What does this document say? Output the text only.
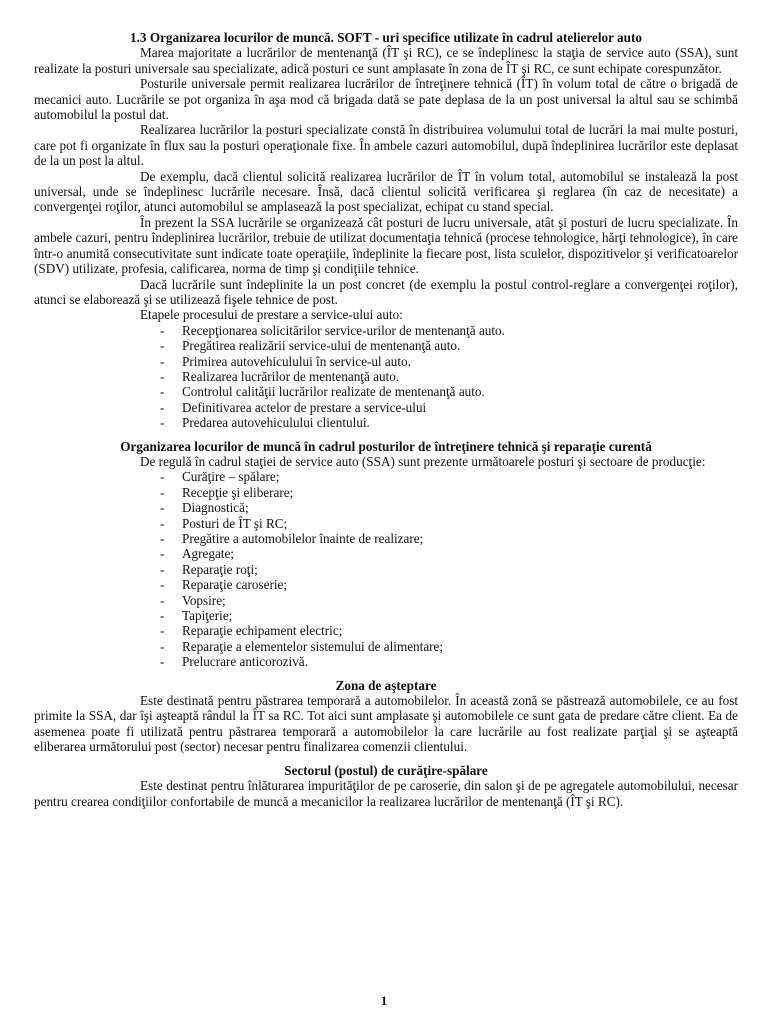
1.3 Organizarea locurilor de muncă. SOFT - uri specifice utilizate în cadrul atelierelor auto

Marea majoritate a lucrărilor de mentenanţă (ÎT şi RC), ce se îndeplinesc la staţia de service auto (SSA), sunt realizate la posturi universale sau specializate, adică posturi ce sunt amplasate în zona de ÎT şi RC, ce sunt echipate corespunzător.

Posturile universale permit realizarea lucrărilor de întreţinere tehnică (ÎT) în volum total de către o brigadă de mecanici auto. Lucrările se pot organiza în aşa mod că brigada dată se pate deplasa de la un post universal la altul sau se schimbă automobilul la postul dat.

Realizarea lucrărilor la posturi specializate constă în distribuirea volumului total de lucrări la mai multe posturi, care pot fi organizate în flux sau la posturi operaţionale fixe. În ambele cazuri automobilul, după îndeplinirea lucrărilor este deplasat de la un post la altul.

De exemplu, dacă clientul solicită realizarea lucrărilor de ÎT în volum total, automobilul se instalează la post universal, unde se îndeplinesc lucrările necesare. Însă, dacă clientul solicită verificarea şi reglarea (în caz de necesitate) a convergenţei roţilor, atunci automobilul se amplasează la post specializat, echipat cu stand special.

În prezent la SSA lucrările se organizează cât posturi de lucru universale, atât şi posturi de lucru specializate. În ambele cazuri, pentru îndeplinirea lucrărilor, trebuie de utilizat documentaţia tehnică (procese tehnologice, hărţi tehnologice), în care într-o anumită consecutivitate sunt indicate toate operaţiile, îndeplinite la fiecare post, lista sculelor, dispozitivelor şi verificatoarelor (SDV) utilizate, profesia, calificarea, norma de timp şi condiţiile tehnice.

Dacă lucrările sunt îndeplinite la un post concret (de exemplu la postul control-reglare a convergenţei roţilor), atunci se elaborează şi se utilizează fişele tehnice de post.

Etapele procesului de prestare a service-ului auto:

- Recepţionarea solicitărilor service-urilor de mentenanţă auto.
- Pregătirea realizării service-ului de mentenanţă auto.
- Primirea autovehiculului în service-ul auto.
- Realizarea lucrărilor de mentenanţă auto.
- Controlul calităţii lucrărilor realizate de mentenanţă auto.
- Definitivarea actelor de prestare a service-ului
- Predarea autovehiculului clientului.

Organizarea locurilor de muncă în cadrul posturilor de întreţinere tehnică şi reparaţie curentă

De regulă în cadrul staţiei de service auto (SSA) sunt prezente următoarele posturi şi sectoare de producţie:

- Curăţire – spălare;
- Recepţie şi eliberare;
- Diagnostică;
- Posturi de ÎT şi RC;
- Pregătire a automobilelor înainte de realizare;
- Agregate;
- Reparaţie roţi;
- Reparaţie caroserie;
- Vopsire;
- Tapiţerie;
- Reparaţie echipament electric;
- Reparaţie a elementelor sistemului de alimentare;
- Prelucrare anticorozivă.

Zona de aşteptare

Este destinată pentru păstrarea temporară a automobilelor. În această zonă se păstrează automobilele, ce au fost primite la SSA, dar îşi aşteaptă rândul la ÎT sa RC. Tot aici sunt amplasate şi automobilele ce sunt gata de predare către client. Ea de asemenea poate fi utilizată pentru păstrarea temporară a automobilelor la care lucrările au fost realizate parţial şi se aşteaptă eliberarea următorului post (sector) necesar pentru finalizarea comenzii clientului.

Sectorul (postul) de curăţire-spălare

Este destinat pentru înlăturarea impurităţilor de pe caroserie, din salon şi de pe agregatele automobilului, necesar pentru crearea condiţiilor confortabile de muncă a mecanicilor la realizarea lucrărilor de mentenanţă (ÎT şi RC).

1
